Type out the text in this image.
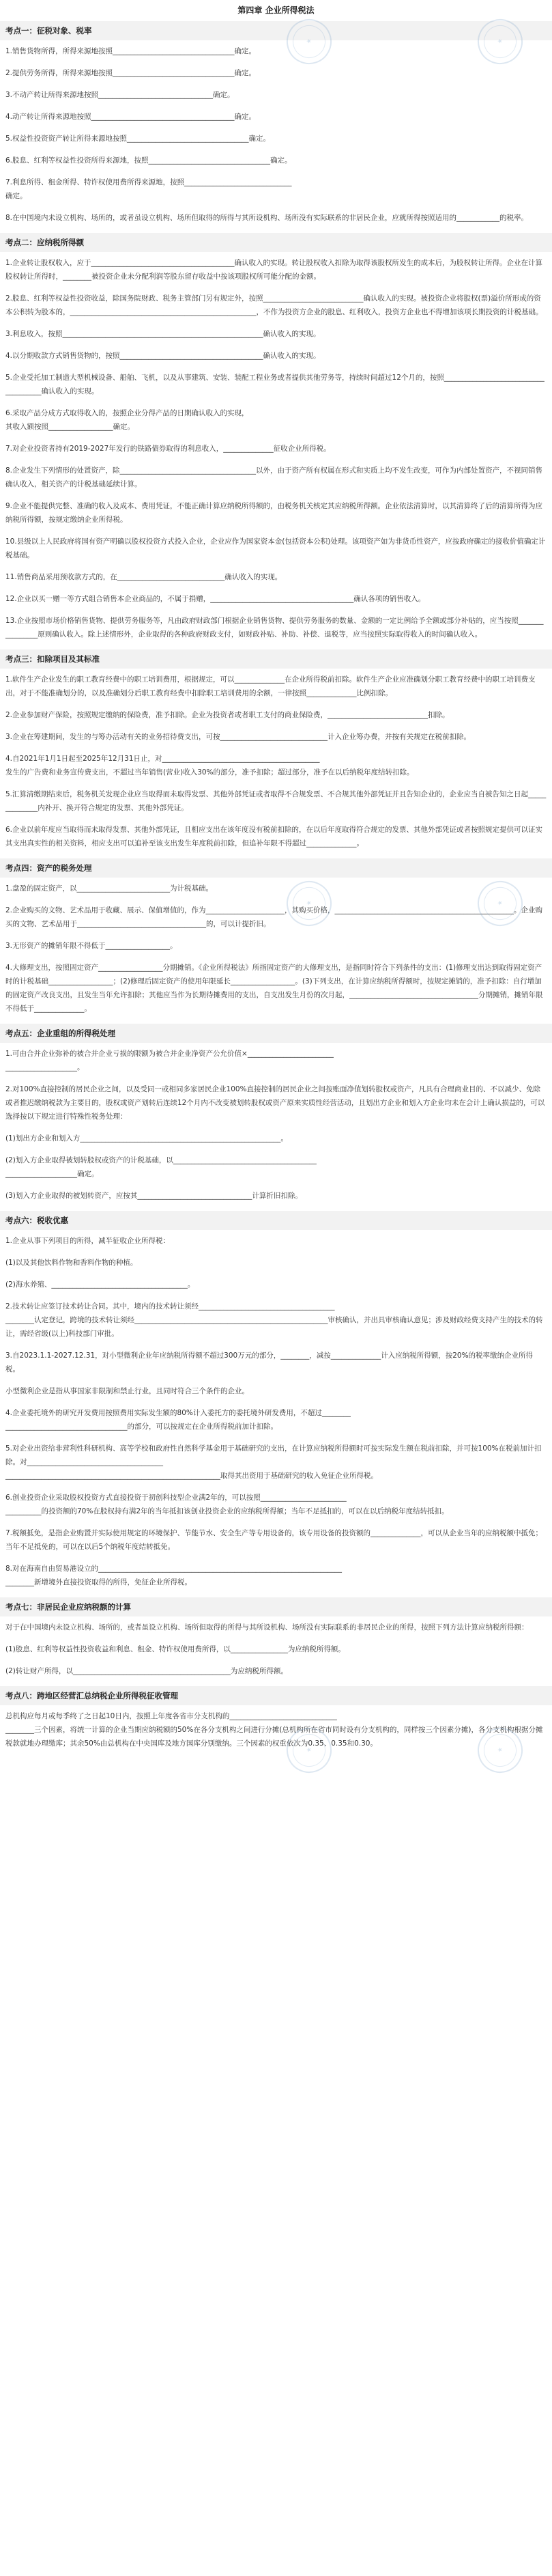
第四章 企业所得税法
考点一：征税对象、税率
1.销售货物所得，所得来源地按照__________________________________确定。
2.提供劳务所得，所得来源地按照__________________________________确定。
3.不动产转让所得来源地按照________________________________确定。
4.动产转让所得来源地按照________________________________________确定。
5.权益性投资资产转让所得来源地按照__________________________________确定。
6.股息、红利等权益性投资所得来源地，按照__________________________________确定。
7.利息所得、租金所得、特许权使用费所得来源地，按照______________________________
确定。
8.在中国境内未设立机构、场所的，或者虽设立机构、场所但取得的所得与其所设机构、场所没有实际联系的非居民企业，应就所得按照适用的____________的税率。
考点二：应纳税所得额
1.企业转让股权收入，应于________________________________________确认收入的实现。转让股权收入扣除为取得该股权所发生的成本后，为股权转让所得。企业在计算股权转让所得时，________被投资企业未分配利润等股东留存收益中按该项股权所可能分配的金额。
2.股息、红利等权益性投资收益，除国务院财政、税务主管部门另有规定外，按照____________________________确认收入的实现。被投资企业将股权(票)溢价所形成的资本公积转为股本的，____________________________________________________，不作为投资方企业的股息、红利收入，投资方企业也不得增加该项长期投资的计税基础。
3.利息收入，按照________________________________________________________确认收入的实现。
4.以分期收款方式销售货物的，按照________________________________________确认收入的实现。
5.企业受托加工制造大型机械设备、船舶、飞机，以及从事建筑、安装、装配工程业务或者提供其他劳务等，持续时间超过12个月的，按照______________________________________确认收入的实现。
6.采取产品分成方式取得收入的，按照企业分得产品的日期确认收入的实现，
其收入额按照__________________确定。
7.对企业投资者持有2019-2027年发行的铁路债券取得的利息收入，______________征收企业所得税。
8.企业发生下列情形的处置资产，除______________________________________以外，由于资产所有权属在形式和实质上均不发生改变，可作为内部处置资产，不视同销售确认收入，相关资产的计税基础延续计算。
9.企业不能提供完整、准确的收入及成本、费用凭证，不能正确计算应纳税所得额的，由税务机关核定其应纳税所得额。企业依法清算时，以其清算终了后的清算所得为应纳税所得额，按规定缴纳企业所得税。
10.县级以上人民政府将国有资产明确以股权投资方式投入企业，企业应作为国家资本金(包括资本公积)处理。该项资产如为非货币性资产，应按政府确定的接收价值确定计税基础。
11.销售商品采用预收款方式的，在______________________________确认收入的实现。
12.企业以买一赠一等方式组合销售本企业商品的，不属于捐赠，________________________________________确认各项的销售收入。
13.企业按照市场价格销售货物、提供劳务服务等，凡由政府财政部门根据企业销售货物、提供劳务服务的数量、金额的一定比例给予全额或部分补贴的，应当按照________________原则确认收入。除上述情形外，企业取得的各种政府财政支付，如财政补贴、补助、补偿、退税等，应当按照实际取得收入的时间确认收入。
考点三：扣除项目及其标准
1.软件生产企业发生的职工教育经费中的职工培训费用，根据规定，可以______________在企业所得税前扣除。软件生产企业应准确划分职工教育经费中的职工培训费支出，对于不能准确划分的，以及准确划分后职工教育经费中扣除职工培训费用的余额，一律按照______________比例扣除。
2.企业参加财产保险，按照规定缴纳的保险费，准予扣除。企业为投资者或者职工支付的商业保险费，____________________________扣除。
3.企业在筹建期间，发生的与筹办活动有关的业务招待费支出，可按______________________________计入企业筹办费，并按有关规定在税前扣除。
4.自2021年1月1日起至2025年12月31日止，对____________________________________________
发生的广告费和业务宣传费支出，不超过当年销售(营业)收入30%的部分，准予扣除；超过部分，准予在以后纳税年度结转扣除。
5.汇算清缴期结束后，税务机关发现企业应当取得而未取得发票、其他外部凭证或者取得不合规发票、不合规其他外部凭证并且告知企业的，企业应当自被告知之日起______________内补开、换开符合规定的发票、其他外部凭证。
6.企业以前年度应当取得而未取得发票、其他外部凭证，且相应支出在该年度没有税前扣除的，在以后年度取得符合规定的发票、其他外部凭证或者按照规定提供可以证实其支出真实性的相关资料，相应支出可以追补至该支出发生年度税前扣除，但追补年限不得超过______________。
考点四：资产的税务处理
1.盘盈的固定资产，以__________________________为计税基础。
2.企业购买的文物、艺术品用于收藏、展示、保值增值的，作为______________________，其购买价格，__________________________________________________。企业购买的文物、艺术品用于____________________________________的，可以计提折旧。
3.无形资产的摊销年限不得低于__________________。
4.大修理支出，按照固定资产__________________分期摊销。《企业所得税法》所指固定资产的大修理支出，是指同时符合下列条件的支出：(1)修理支出达到取得固定资产时的计税基础__________________；(2)修理后固定资产的使用年限延长__________________。(3)下列支出，在计算应纳税所得额时，按规定摊销的，准予扣除：自行增加的固定资产改良支出，且发生当年允许扣除；其他应当作为长期待摊费用的支出，自支出发生月份的次月起，____________________________________分期摊销，摊销年限不得低于______________。
考点五：企业重组的所得税处理
1.可由合并企业弥补的被合并企业亏损的限额为被合并企业净资产公允价值×________________________
____________________。
2.对100%直接控制的居民企业之间，以及受同一或相同多家居民企业100%直接控制的居民企业之间按账面净值划转股权或资产，凡具有合理商业目的、不以减少、免除或者推迟缴纳税款为主要目的，股权或资产划转后连续12个月内不改变被划转股权或资产原来实质性经营活动，且划出方企业和划入方企业均未在会计上确认损益的，可以选择按以下规定进行特殊性税务处理：
(1)划出方企业和划入方________________________________________________________。
(2)划入方企业取得被划转股权或资产的计税基础，以________________________________________
____________________确定。
(3)划入方企业取得的被划转资产，应按其________________________________计算折旧扣除。
考点六：税收优惠
1.企业从事下列项目的所得，减半征收企业所得税：
(1)以及其他饮料作物和香料作物的种植。
(2)海水养殖、______________________________________。
2.技术转让应签订技术转让合同。其中，境内的技术转让须经______________________________________
________认定登记，跨境的技术转让须经______________________________________________________审核确认，并出具审核确认意见；涉及财政经费支持产生的技术的转让，需经省级(以上)科技部门审批。
3.自2023.1.1-2027.12.31，对小型微利企业年应纳税所得额不超过300万元的部分，________，减按______________计入应纳税所得额，按20%的税率缴纳企业所得税。
小型微利企业是指从事国家非限制和禁止行业，且同时符合三个条件的企业。
4.企业委托境外的研究开发费用按照费用实际发生额的80%计入委托方的委托境外研发费用，不超过________
__________________________________的部分，可以按规定在企业所得税前加计扣除。
5.对企业出资给非营利性科研机构、高等学校和政府性自然科学基金用于基础研究的支出，在计算应纳税所得额时可按实际发生额在税前扣除，并可按100%在税前加计扣除。对______________________________________
____________________________________________________________取得其出资用于基础研究的收入免征企业所得税。
6.创业投资企业采取股权投资方式直接投资于初创科技型企业满2年的，可以按照________________________
__________的投资额的70%在股权持有满2年的当年抵扣该创业投资企业的应纳税所得额；当年不足抵扣的，可以在以后纳税年度结转抵扣。
7.税额抵免，是指企业购置并实际使用规定的环境保护、节能节水、安全生产等专用设备的，该专用设备的投资额的______________，可以从企业当年的应纳税额中抵免；当年不足抵免的，可以在以后5个纳税年度结转抵免。
8.对在海南自由贸易港设立的____________________________________________________________________
________新增境外直接投资取得的所得，免征企业所得税。
考点七：非居民企业应纳税额的计算
对于在中国境内未设立机构、场所的，或者虽设立机构、场所但取得的所得与其所设机构、场所没有实际联系的非居民企业的所得，按照下列方法计算应纳税所得额：
(1)股息、红利等权益性投资收益和利息、租金、特许权使用费所得，以________________为应纳税所得额。
(2)转让财产所得，以____________________________________________为应纳税所得额。
考点八：跨地区经营汇总纳税企业所得税征收管理
总机构应每月或每季终了之日起10日内，按照上年度各省市分支机构的______________________________
________三个因素，将统一计算的企业当期应纳税额的50%在各分支机构之间进行分摊(总机构所在省市同时设有分支机构的，同样按三个因素分摊)，各分支机构根据分摊税款就地办理缴库；其余50%由总机构在中央国库及地方国库分别缴纳。三个因素的权重依次为0.35、0.35和0.30。
★	★
★	★
★	★
